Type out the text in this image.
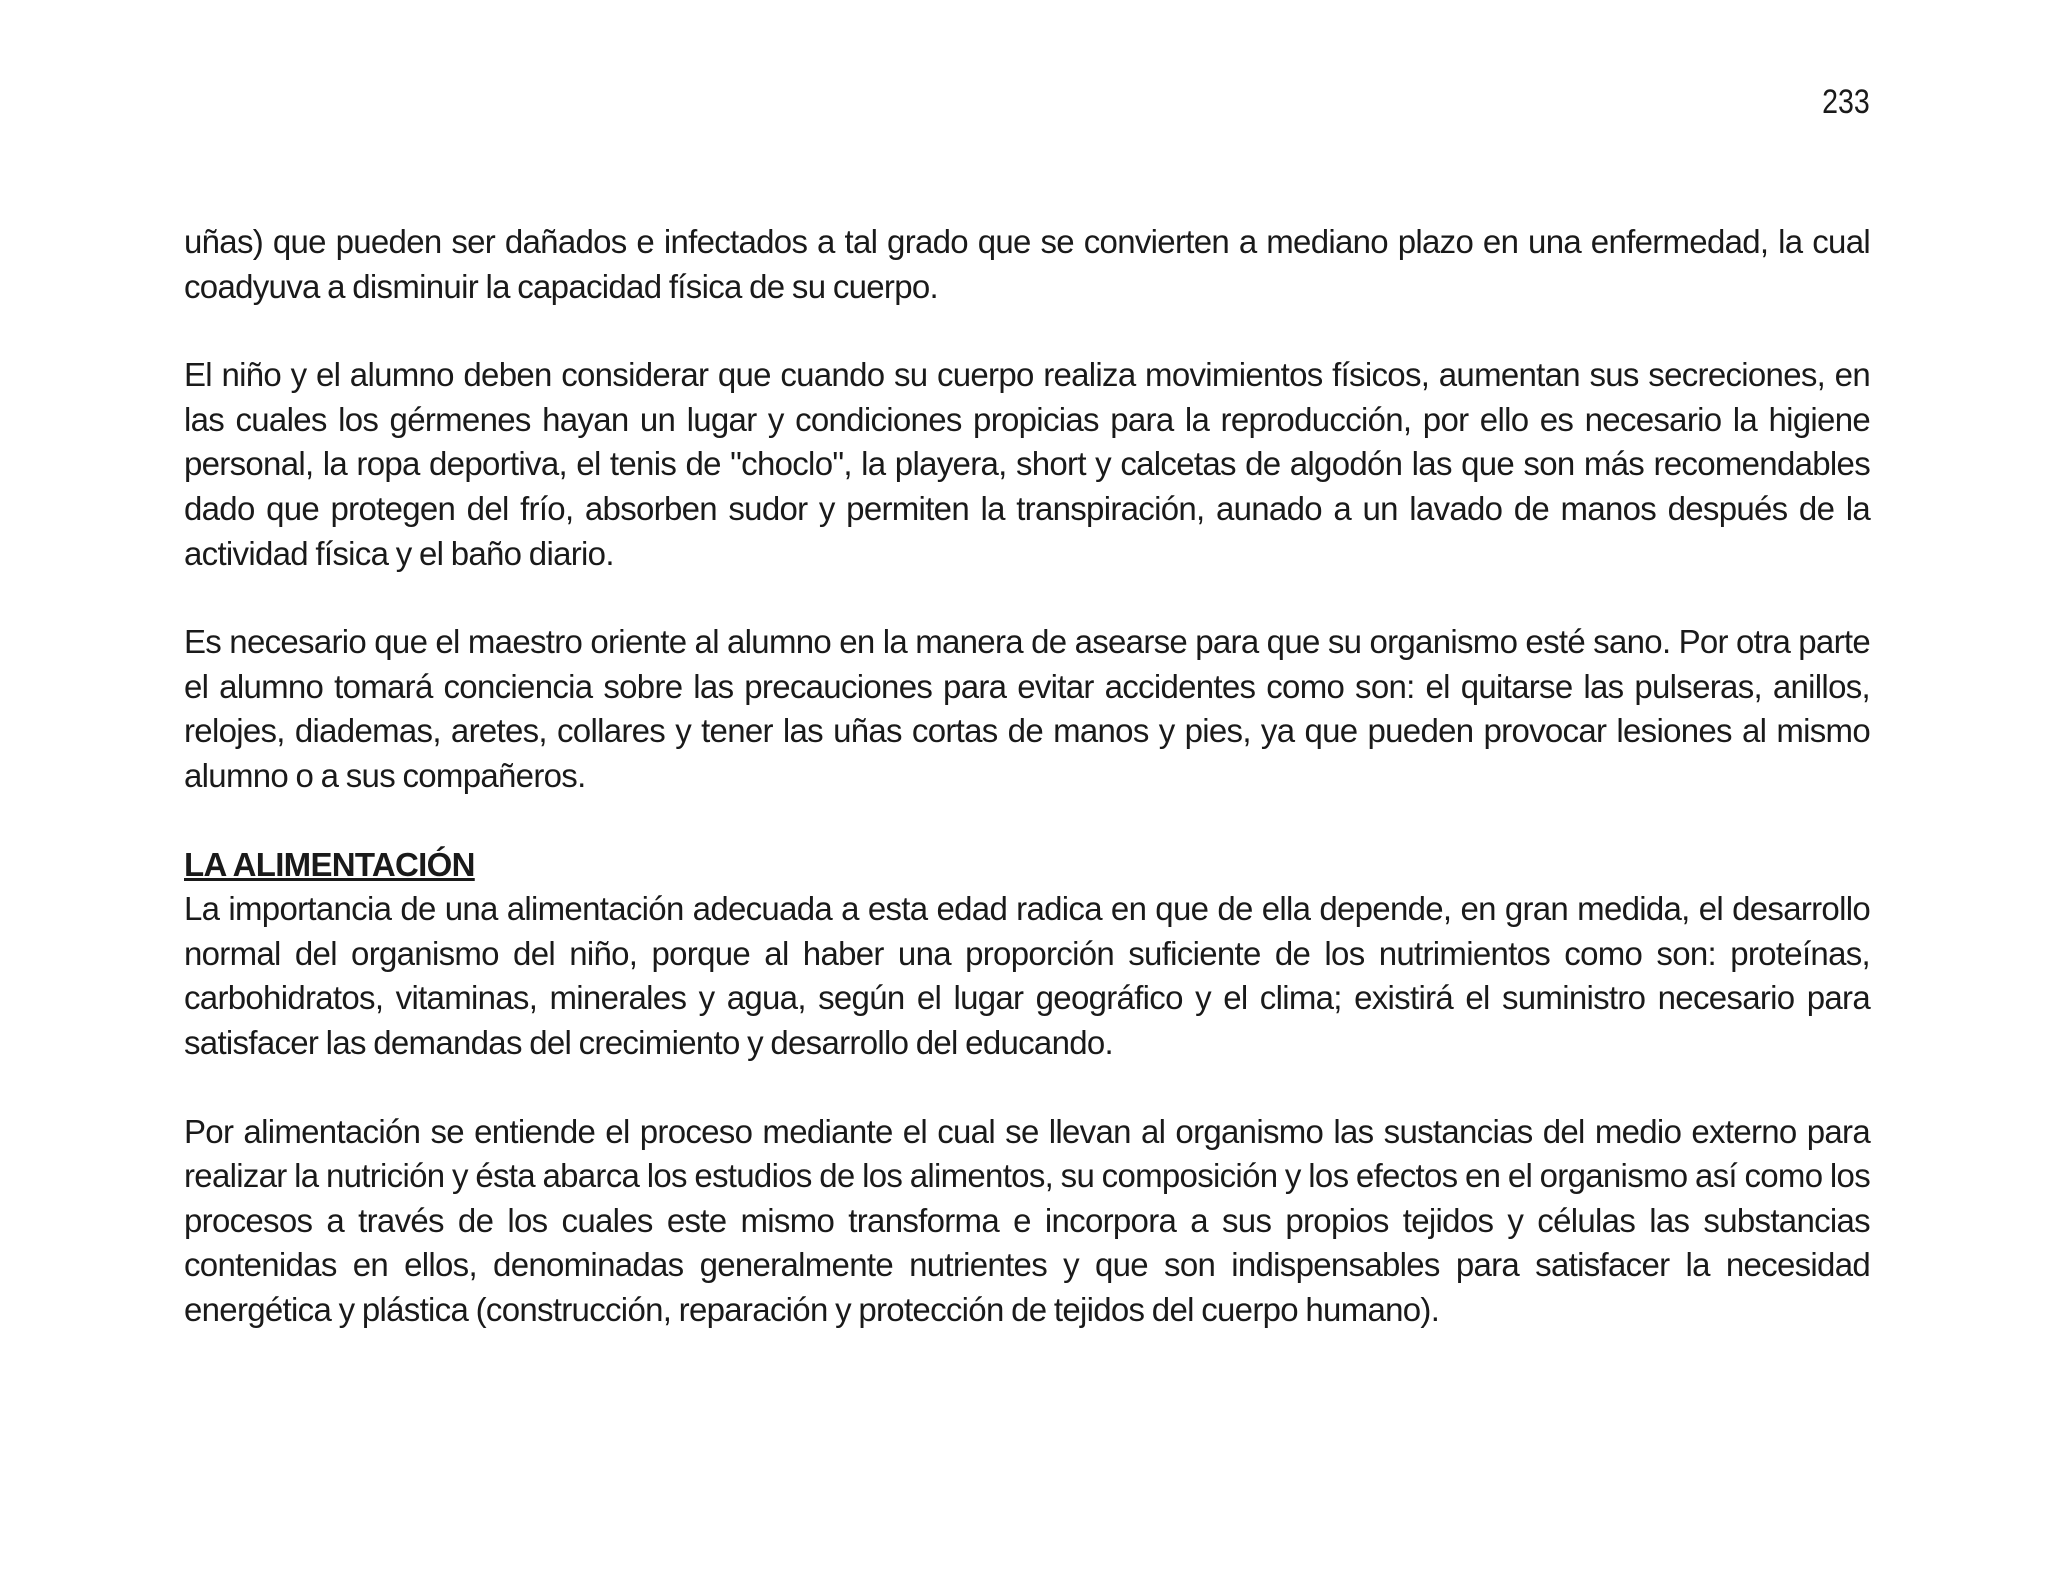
233

uñas) que pueden ser dañados e infectados a tal grado que se convierten a mediano plazo en una enfermedad, la cual coadyuva a disminuir la capacidad física de su cuerpo.

El niño y el alumno deben considerar que cuando su cuerpo realiza movimientos físicos, aumentan sus secreciones, en las cuales los gérmenes hayan un lugar y condiciones propicias para la reproducción, por ello es necesario la higiene personal, la ropa deportiva, el tenis de "choclo", la playera, short y calcetas de algodón las que son más recomendables dado que protegen del frío, absorben sudor y permiten la transpiración, aunado a un lavado de manos después de la actividad física y el baño diario.

Es necesario que el maestro oriente al alumno en la manera de asearse para que su organismo esté sano. Por otra parte el alumno tomará conciencia sobre las precauciones para evitar accidentes como son: el quitarse las pulseras, anillos, relojes, diademas, aretes, collares y tener las uñas cortas de manos y pies, ya que pueden provocar lesiones al mismo alumno o a sus compañeros.

LA ALIMENTACIÓN

La importancia de una alimentación adecuada a esta edad radica en que de ella depende, en gran medida, el desarrollo normal del organismo del niño, porque al haber una proporción suficiente de los nutrimientos como son: proteínas, carbohidratos, vitaminas, minerales y agua, según el lugar geográfico y el clima; existirá el suministro necesario para satisfacer las demandas del crecimiento y desarrollo del educando.

Por alimentación se entiende el proceso mediante el cual se llevan al organismo las sustancias del medio externo para realizar la nutrición y ésta abarca los estudios de los alimentos, su composición y los efectos en el organismo así como los procesos a través de los cuales este mismo transforma e incorpora a sus propios tejidos y células las substancias contenidas en ellos, denominadas generalmente nutrientes y que son indispensables para satisfacer la necesidad energética y plástica (construcción, reparación y protección de tejidos del cuerpo humano).
